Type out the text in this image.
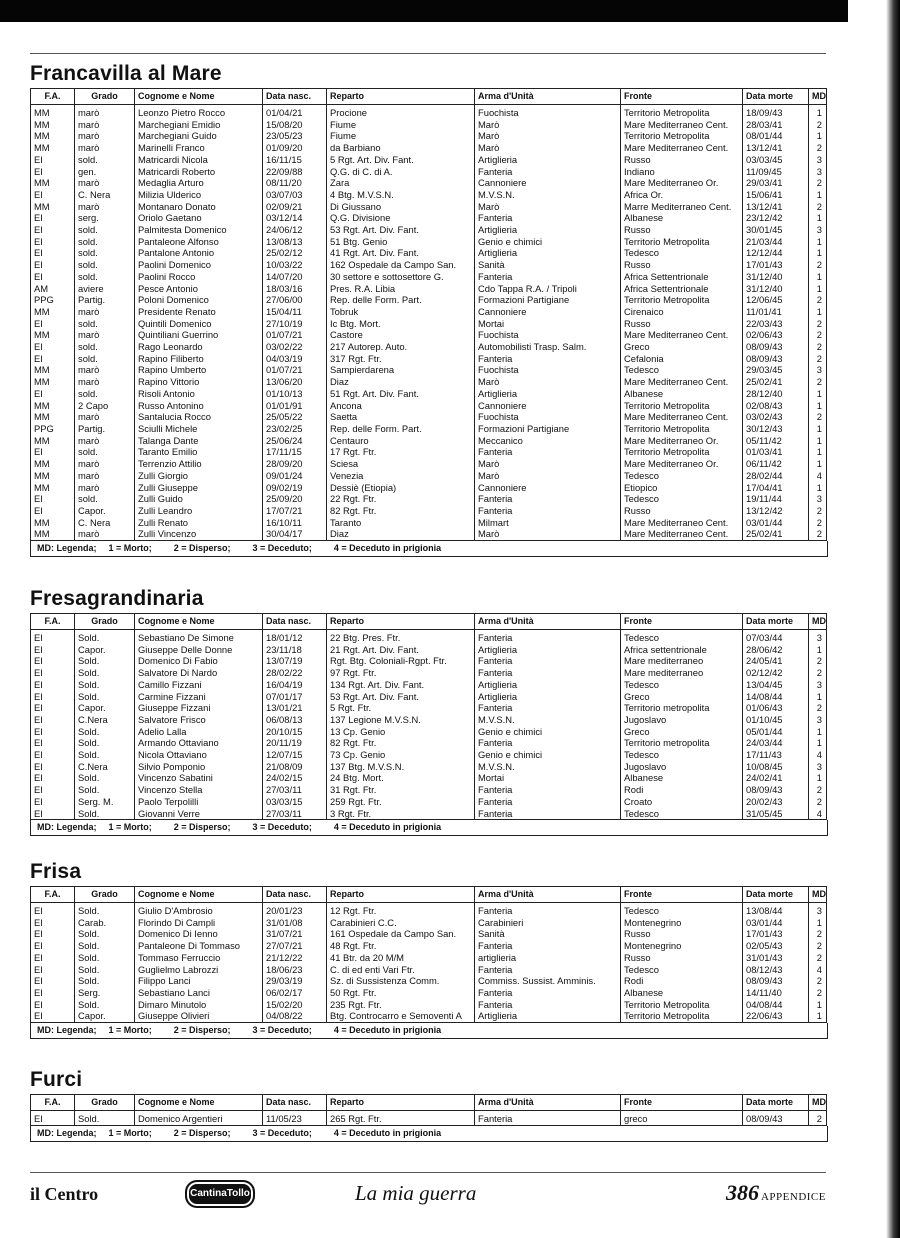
Francavilla al Mare
F.A.	Grado	Cognome e Nome	Data nasc.	Reparto	Arma d'Unità	Fronte	Data morte	MD
MM	marò	Leonzo Pietro Rocco	01/04/21	Procione	Fuochista	Territorio Metropolita	18/09/43	1
MM	marò	Marchegiani Emidio	15/08/20	Fiume	Marò	Mare Mediterraneo Cent.	28/03/41	2
MM	marò	Marchegiani Guido	23/05/23	Fiume	Marò	Territorio Metropolita	08/01/44	1
MM	marò	Marinelli Franco	01/09/20	da Barbiano	Marò	Mare Mediterraneo Cent.	13/12/41	2
EI	sold.	Matricardi Nicola	16/11/15	5 Rgt. Art. Div. Fant.	Artiglieria	Russo	03/03/45	3
EI	gen.	Matricardi Roberto	22/09/88	Q.G. di C. di A.	Fanteria	Indiano	11/09/45	3
MM	marò	Medaglia Arturo	08/11/20	Zara	Cannoniere	Mare Mediterraneo Or.	29/03/41	2
EI	C. Nera	Milizia Ulderico	03/07/03	4 Btg. M.V.S.N.	M.V.S.N.	Africa Or.	15/06/41	1
MM	marò	Montanaro Donato	02/09/21	Di Giussano	Marò	Marre Mediterraneo Cent.	13/12/41	2
EI	serg.	Oriolo Gaetano	03/12/14	Q.G. Divisione	Fanteria	Albanese	23/12/42	1
EI	sold.	Palmitesta Domenico	24/06/12	53 Rgt. Art. Div. Fant.	Artiglieria	Russo	30/01/45	3
EI	sold.	Pantaleone Alfonso	13/08/13	51 Btg. Genio	Genio e chimici	Territorio Metropolita	21/03/44	1
EI	sold.	Pantalone Antonio	25/02/12	41 Rgt. Art. Div. Fant.	Artiglieria	Tedesco	12/12/44	1
EI	sold.	Paolini Domenico	10/03/22	162 Ospedale da Campo San.	Sanità	Russo	17/01/43	2
EI	sold.	Paolini Rocco	14/07/20	30 settore e sottosettore G.	Fanteria	Africa Settentrionale	31/12/40	1
AM	aviere	Pesce Antonio	18/03/16	Pres. R.A. Libia	Cdo Tappa R.A. / Tripoli	Africa Settentrionale	31/12/40	1
PPG	Partig.	Poloni Domenico	27/06/00	Rep. delle Form. Part.	Formazioni Partigiane	Territorio Metropolita	12/06/45	2
MM	marò	Presidente Renato	15/04/11	Tobruk	Cannoniere	Cirenaico	11/01/41	1
EI	sold.	Quintili Domenico	27/10/19	Ic Btg. Mort.	Mortai	Russo	22/03/43	2
MM	marò	Quintiliani Guerrino	01/07/21	Castore	Fuochista	Mare Mediterraneo Cent.	02/06/43	2
EI	sold.	Rago Leonardo	03/02/22	217 Autorep. Auto.	Automobilisti Trasp. Salm.	Greco	08/09/43	2
EI	sold.	Rapino Filiberto	04/03/19	317 Rgt. Ftr.	Fanteria	Cefalonia	08/09/43	2
MM	marò	Rapino Umberto	01/07/21	Sampierdarena	Fuochista	Tedesco	29/03/45	3
MM	marò	Rapino Vittorio	13/06/20	Diaz	Marò	Mare Mediterraneo Cent.	25/02/41	2
EI	sold.	Risoli Antonio	01/10/13	51 Rgt. Art. Div. Fant.	Artiglieria	Albanese	28/12/40	1
MM	2 Capo	Russo Antonino	01/01/91	Ancona	Cannoniere	Territorio Metropolita	02/08/43	1
MM	marò	Santalucia Rocco	25/05/22	Saetta	Fuochista	Mare Mediterraneo Cent.	03/02/43	2
PPG	Partig.	Sciulli Michele	23/02/25	Rep. delle Form. Part.	Formazioni Partigiane	Territorio Metropolita	30/12/43	1
MM	marò	Talanga Dante	25/06/24	Centauro	Meccanico	Mare Mediterraneo Or.	05/11/42	1
EI	sold.	Taranto Emilio	17/11/15	17 Rgt. Ftr.	Fanteria	Territorio Metropolita	01/03/41	1
MM	marò	Terrenzio Attilio	28/09/20	Sciesa	Marò	Mare Mediterraneo Or.	06/11/42	1
MM	marò	Zulli Giorgio	09/01/24	Venezia	Marò	Tedesco	28/02/44	4
MM	marò	Zulli Giuseppe	09/02/19	Dessiè (Etiopia)	Cannoniere	Etiopico	17/04/41	1
EI	sold.	Zulli Guido	25/09/20	22 Rgt. Ftr.	Fanteria	Tedesco	19/11/44	3
EI	Capor.	Zulli Leandro	17/07/21	82 Rgt. Ftr.	Fanteria	Russo	13/12/42	2
MM	C. Nera	Zulli Renato	16/10/11	Taranto	Milmart	Mare Mediterraneo Cent.	03/01/44	2
MM	marò	Zulli Vincenzo	30/04/17	Diaz	Marò	Mare Mediterraneo Cent.	25/02/41	2
MD: Legenda; 1 = Morto; 2 = Disperso; 3 = Deceduto; 4 = Deceduto in prigionia
Fresagrandinaria
F.A.	Grado	Cognome e Nome	Data nasc.	Reparto	Arma d'Unità	Fronte	Data morte	MD
EI	Sold.	Sebastiano De Simone	18/01/12	22 Btg. Pres. Ftr.	Fanteria	Tedesco	07/03/44	3
EI	Capor.	Giuseppe Delle Donne	23/11/18	21 Rgt. Art. Div. Fant.	Artiglieria	Africa settentrionale	28/06/42	1
EI	Sold.	Domenico Di Fabio	13/07/19	Rgt. Btg. Coloniali-Rgpt. Ftr.	Fanteria	Mare mediterraneo	24/05/41	2
EI	Sold.	Salvatore Di Nardo	28/02/22	97 Rgt. Ftr.	Fanteria	Mare mediterraneo	02/12/42	2
EI	Sold.	Camillo Fizzani	16/04/19	134 Rgt. Art. Div. Fant.	Artiglieria	Tedesco	13/04/45	3
EI	Sold.	Carmine Fizzani	07/01/17	53 Rgt. Art. Div. Fant.	Artiglieria	Greco	14/08/44	1
EI	Capor.	Giuseppe Fizzani	13/01/21	5 Rgt. Ftr.	Fanteria	Territorio metropolita	01/06/43	2
EI	C.Nera	Salvatore Frisco	06/08/13	137 Legione M.V.S.N.	M.V.S.N.	Jugoslavo	01/10/45	3
EI	Sold.	Adelio Lalla	20/10/15	13 Cp. Genio	Genio e chimici	Greco	05/01/44	1
EI	Sold.	Armando Ottaviano	20/11/19	82 Rgt. Ftr.	Fanteria	Territorio metropolita	24/03/44	1
EI	Sold.	Nicola Ottaviano	12/07/15	73 Cp. Genio	Genio e chimici	Tedesco	17/11/43	4
EI	C.Nera	Silvio Pomponio	21/08/09	137 Btg. M.V.S.N.	M.V.S.N.	Jugoslavo	10/08/45	3
EI	Sold.	Vincenzo Sabatini	24/02/15	24 Btg. Mort.	Mortai	Albanese	24/02/41	1
EI	Sold.	Vincenzo Stella	27/03/11	31 Rgt. Ftr.	Fanteria	Rodi	08/09/43	2
EI	Serg. M.	Paolo Terpolilli	03/03/15	259 Rgt. Ftr.	Fanteria	Croato	20/02/43	2
EI	Sold.	Giovanni Verre	27/03/11	3 Rgt. Ftr.	Fanteria	Tedesco	31/05/45	4
MD: Legenda; 1 = Morto; 2 = Disperso; 3 = Deceduto; 4 = Deceduto in prigionia
Frisa
F.A.	Grado	Cognome e Nome	Data nasc.	Reparto	Arma d'Unità	Fronte	Data morte	MD
EI	Sold.	Giulio D'Ambrosio	20/01/23	12 Rgt. Ftr.	Fanteria	Tedesco	13/08/44	3
EI	Carab.	Florindo Di Campli	31/01/08	Carabinieri C.C.	Carabinieri	Montenegrino	03/01/44	1
EI	Sold.	Domenico Di Ienno	31/07/21	161 Ospedale da Campo San.	Sanità	Russo	17/01/43	2
EI	Sold.	Pantaleone Di Tommaso	27/07/21	48 Rgt. Ftr.	Fanteria	Montenegrino	02/05/43	2
EI	Sold.	Tommaso Ferruccio	21/12/22	41 Btr. da 20 M/M	artiglieria	Russo	31/01/43	2
EI	Sold.	Guglielmo Labrozzi	18/06/23	C. di ed enti Vari Ftr.	Fanteria	Tedesco	08/12/43	4
EI	Sold.	Filippo Lanci	29/03/19	Sz. di Sussistenza Comm.	Commiss. Sussist. Amminis.	Rodi	08/09/43	2
EI	Serg.	Sebastiano Lanci	06/02/17	50 Rgt. Ftr.	Fanteria	Albanese	14/11/40	2
EI	Sold.	Dimaro Minutolo	15/02/20	235 Rgt. Ftr.	Fanteria	Territorio Metropolita	04/08/44	1
EI	Capor.	Giuseppe Olivieri	04/08/22	Btg. Controcarro e Semoventi A	Artiglieria	Territorio Metropolita	22/06/43	1
MD: Legenda; 1 = Morto; 2 = Disperso; 3 = Deceduto; 4 = Deceduto in prigionia
Furci
F.A.	Grado	Cognome e Nome	Data nasc.	Reparto	Arma d'Unità	Fronte	Data morte	MD
EI	Sold.	Domenico Argentieri	11/05/23	265 Rgt. Ftr.	Fanteria	greco	08/09/43	2
MD: Legenda; 1 = Morto; 2 = Disperso; 3 = Deceduto; 4 = Deceduto in prigionia
il Centro	CantinaTollo	La mia guerra	386 APPENDICE
